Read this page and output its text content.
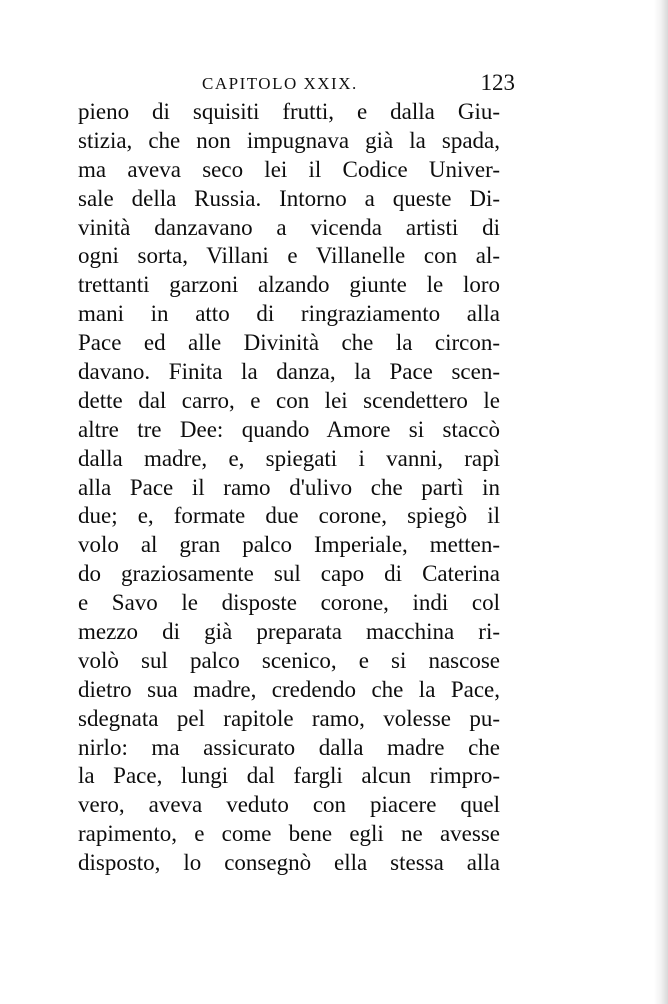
CAPITOLO XXIX.	123
pieno di squisiti frutti, e dalla Giu-
stizia, che non impugnava già la spada,
ma aveva seco lei il Codice Univer-
sale della Russia. Intorno a queste Di-
vinità danzavano a vicenda artisti di
ogni sorta, Villani e Villanelle con al-
trettanti garzoni alzando giunte le loro
mani in atto di ringraziamento alla
Pace ed alle Divinità che la circon-
davano. Finita la danza, la Pace scen-
dette dal carro, e con lei scendettero le
altre tre Dee: quando Amore si staccò
dalla madre, e, spiegati i vanni, rapì
alla Pace il ramo d'ulivo che partì in
due; e, formate due corone, spiegò il
volo al gran palco Imperiale, metten-
do graziosamente sul capo di Caterina
e Savo le disposte corone, indi col
mezzo di già preparata macchina ri-
volò sul palco scenico, e si nascose
dietro sua madre, credendo che la Pace,
sdegnata pel rapitole ramo, volesse pu-
nirlo: ma assicurato dalla madre che
la Pace, lungi dal fargli alcun rimpro-
vero, aveva veduto con piacere quel
rapimento, e come bene egli ne avesse
disposto, lo consegnò ella stessa alla
